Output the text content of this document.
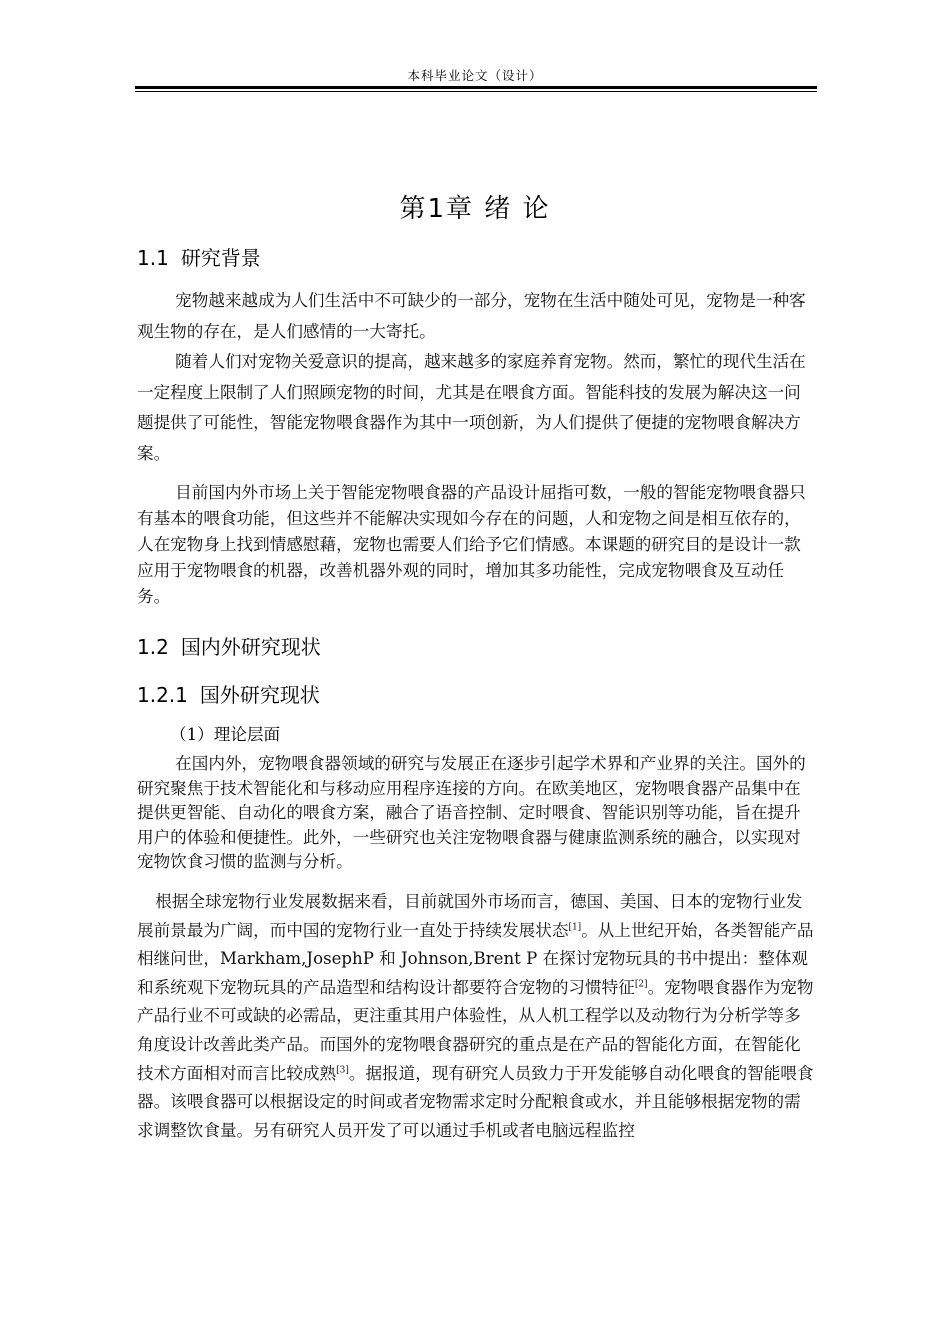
本科毕业论文（设计）
第1章 绪 论
1.1 研究背景

宠物越来越成为人们生活中不可缺少的一部分，宠物在生活中随处可见，宠物是一种客观生物的存在，是人们感情的一大寄托。

随着人们对宠物关爱意识的提高，越来越多的家庭养育宠物。然而，繁忙的现代生活在一定程度上限制了人们照顾宠物的时间，尤其是在喂食方面。智能科技的发展为解决这一问题提供了可能性，智能宠物喂食器作为其中一项创新，为人们提供了便捷的宠物喂食解决方案。

目前国内外市场上关于智能宠物喂食器的产品设计屈指可数，一般的智能宠物喂食器只有基本的喂食功能，但这些并不能解决实现如今存在的问题，人和宠物之间是相互依存的，人在宠物身上找到情感慰藉，宠物也需要人们给予它们情感。本课题的研究目的是设计一款应用于宠物喂食的机器，改善机器外观的同时，增加其多功能性，完成宠物喂食及互动任务。

1.2 国内外研究现状
1.2.1 国外研究现状
（1）理论层面

在国内外，宠物喂食器领域的研究与发展正在逐步引起学术界和产业界的关注。国外的研究聚焦于技术智能化和与移动应用程序连接的方向。在欧美地区，宠物喂食器产品集中在提供更智能、自动化的喂食方案，融合了语音控制、定时喂食、智能识别等功能，旨在提升用户的体验和便捷性。此外，一些研究也关注宠物喂食器与健康监测系统的融合，以实现对宠物饮食习惯的监测与分析。

根据全球宠物行业发展数据来看，目前就国外市场而言，德国、美国、日本的宠物行业发展前景最为广阔，而中国的宠物行业一直处于持续发展状态[1]。从上世纪开始，各类智能产品相继问世，Markham,JosephP 和 Johnson,Brent P 在探讨宠物玩具的书中提出：整体观和系统观下宠物玩具的产品造型和结构设计都要符合宠物的习惯特征[2]。宠物喂食器作为宠物产品行业不可或缺的必需品，更注重其用户体验性，从人机工程学以及动物行为分析学等多角度设计改善此类产品。而国外的宠物喂食器研究的重点是在产品的智能化方面，在智能化技术方面相对而言比较成熟[3]。据报道，现有研究人员致力于开发能够自动化喂食的智能喂食器。该喂食器可以根据设定的时间或者宠物需求定时分配粮食或水，并且能够根据宠物的需求调整饮食量。另有研究人员开发了可以通过手机或者电脑远程监控
